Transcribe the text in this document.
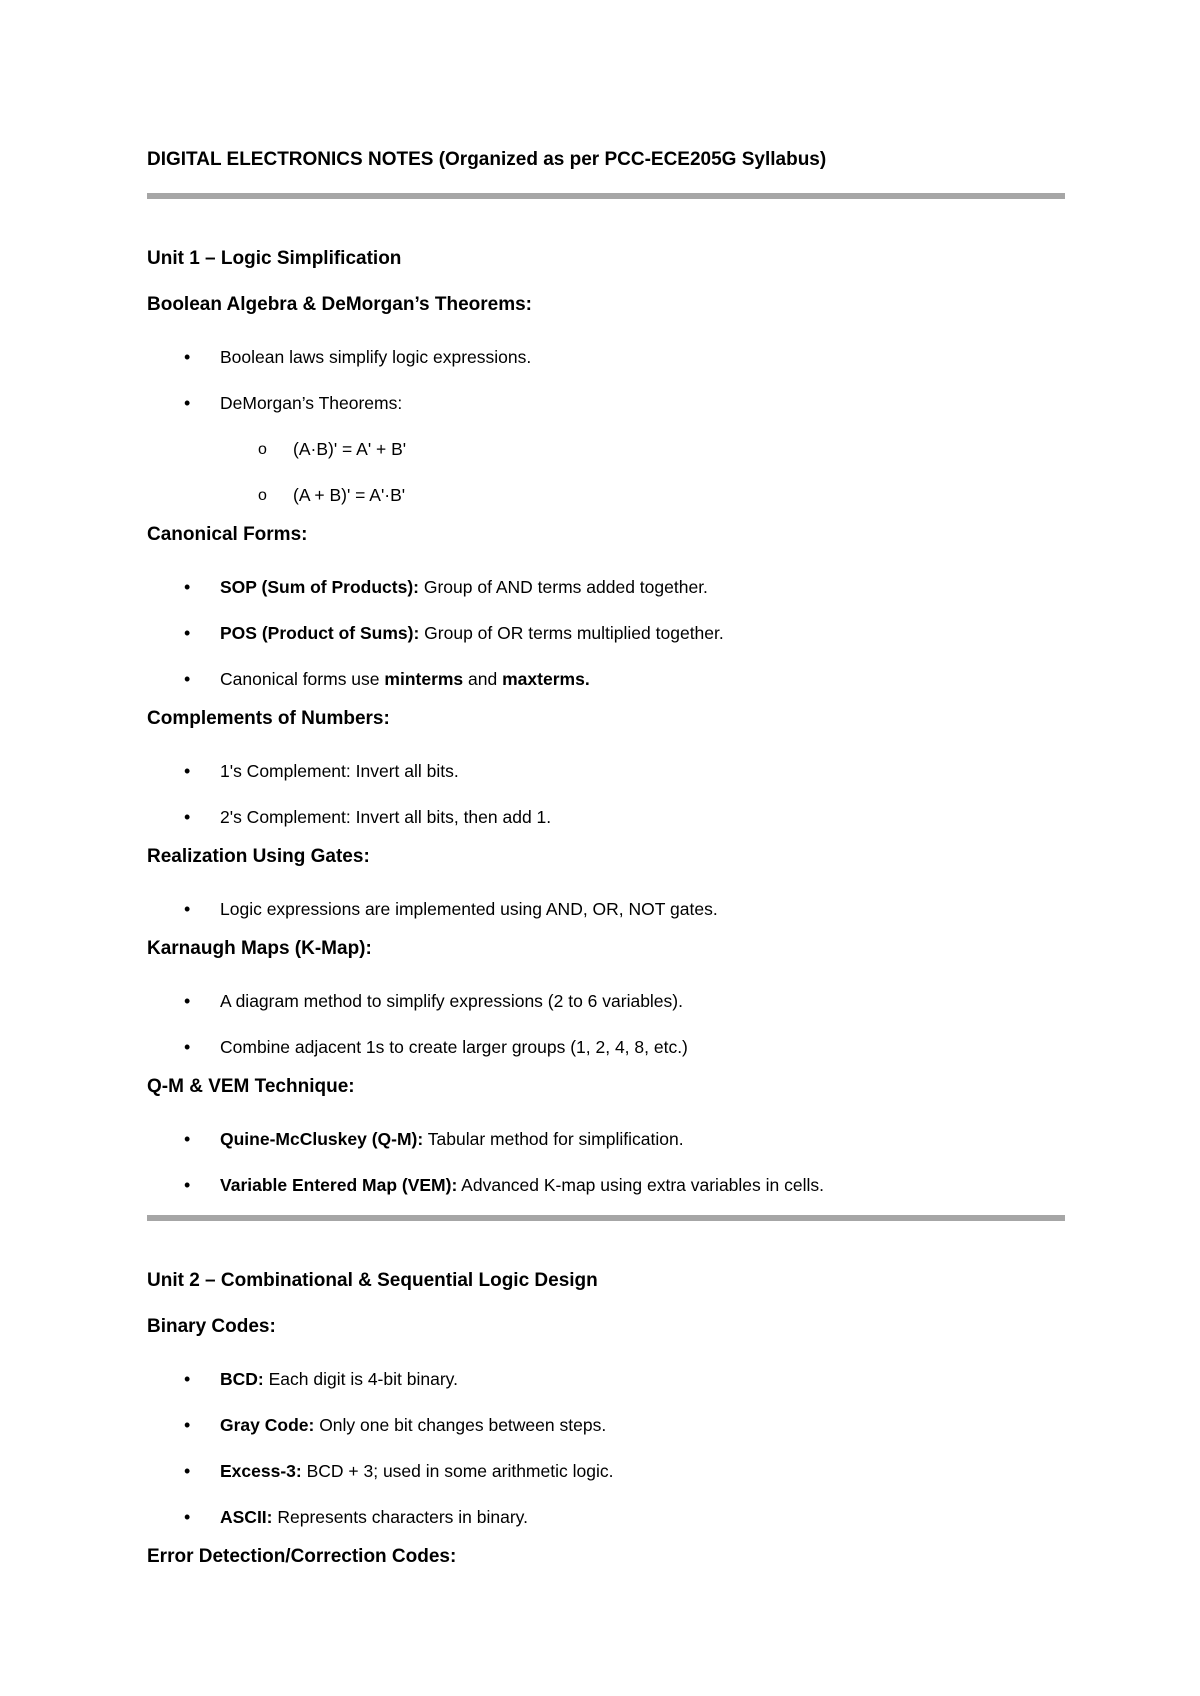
DIGITAL ELECTRONICS NOTES (Organized as per PCC-ECE205G Syllabus)

Unit 1 – Logic Simplification

Boolean Algebra & DeMorgan’s Theorems:

• Boolean laws simplify logic expressions.
• DeMorgan’s Theorems:
o (A·B)' = A' + B'
o (A + B)' = A'·B'

Canonical Forms:

• SOP (Sum of Products): Group of AND terms added together.
• POS (Product of Sums): Group of OR terms multiplied together.
• Canonical forms use minterms and maxterms.

Complements of Numbers:

• 1's Complement: Invert all bits.
• 2's Complement: Invert all bits, then add 1.

Realization Using Gates:

• Logic expressions are implemented using AND, OR, NOT gates.

Karnaugh Maps (K-Map):

• A diagram method to simplify expressions (2 to 6 variables).
• Combine adjacent 1s to create larger groups (1, 2, 4, 8, etc.)

Q-M & VEM Technique:

• Quine-McCluskey (Q-M): Tabular method for simplification.
• Variable Entered Map (VEM): Advanced K-map using extra variables in cells.

Unit 2 – Combinational & Sequential Logic Design

Binary Codes:

• BCD: Each digit is 4-bit binary.
• Gray Code: Only one bit changes between steps.
• Excess-3: BCD + 3; used in some arithmetic logic.
• ASCII: Represents characters in binary.

Error Detection/Correction Codes:
